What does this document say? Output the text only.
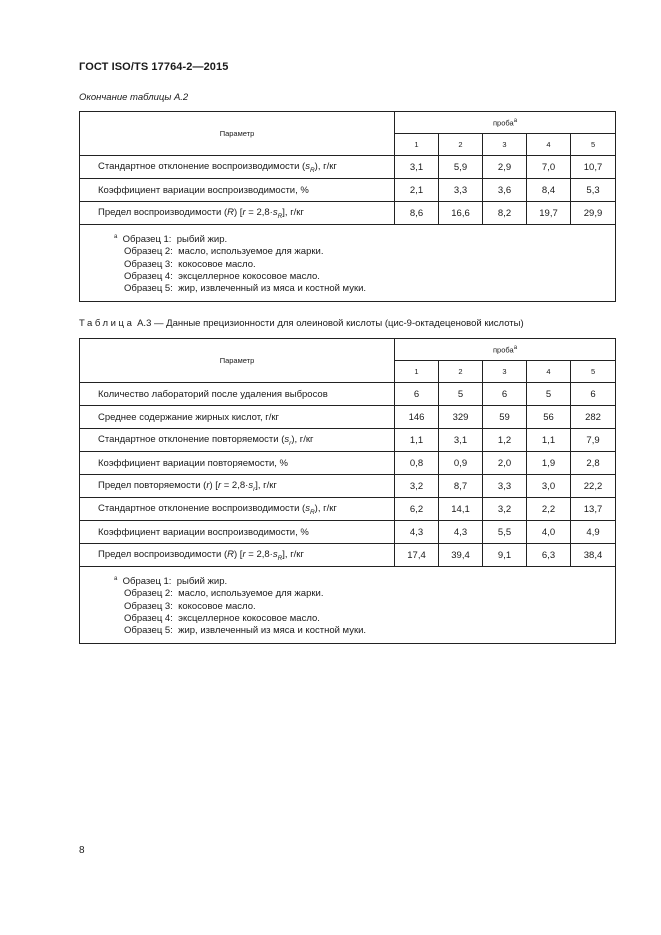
ГОСТ ISO/TS 17764-2—2015
Окончание таблицы А.2
Параметр	проба$^a$
	1	2	3	4	5
Стандартное отклонение воспроизводимости $(s_R)$, г/кг	3,1	5,9	2,9	7,0	10,7
Коэффициент вариации воспроизводимости, %	2,1	3,3	3,6	8,4	5,3
Предел воспроизводимости (R) $[r = 2,8\cdot s_R]$, г/кг	8,6	16,6	8,2	19,7	29,9

$^a$ Образец 1:  рыбий жир.
Образец 2:  масло, используемое для жарки.
Образец 3:  кокосовое масло.
Образец 4:  эксцеллерное кокосовое масло.
Образец 5:  жир, извлеченный из мяса и костной муки.					
Таблица А.3 — Данные прецизионности для олеиновой кислоты (цис-9-октадеценовой кислоты)
Параметр	проба$^a$
	1	2	3	4	5
Количество лабораторий после удаления выбросов	6	5	6	5	6
Среднее содержание жирных кислот, г/кг	146	329	59	56	282
Стандартное отклонение повторяемости $(s_r)$, г/кг	1,1	3,1	1,2	1,1	7,9
Коэффициент вариации повторяемости, %	0,8	0,9	2,0	1,9	2,8
Предел повторяемости (r) $[r = 2,8\cdot s_r]$, г/кг	3,2	8,7	3,3	3,0	22,2
Стандартное отклонение воспроизводимости $(s_R)$, г/кг	6,2	14,1	3,2	2,2	13,7
Коэффициент вариации воспроизводимости, %	4,3	4,3	5,5	4,0	4,9
Предел воспроизводимости (R) $[r = 2,8\cdot s_R]$, г/кг	17,4	39,4	9,1	6,3	38,4

$^a$ Образец 1:  рыбий жир.
Образец 2:  масло, используемое для жарки.
Образец 3:  кокосовое масло.
Образец 4:  эксцеллерное кокосовое масло.
Образец 5:  жир, извлеченный из мяса и костной муки.					
8
